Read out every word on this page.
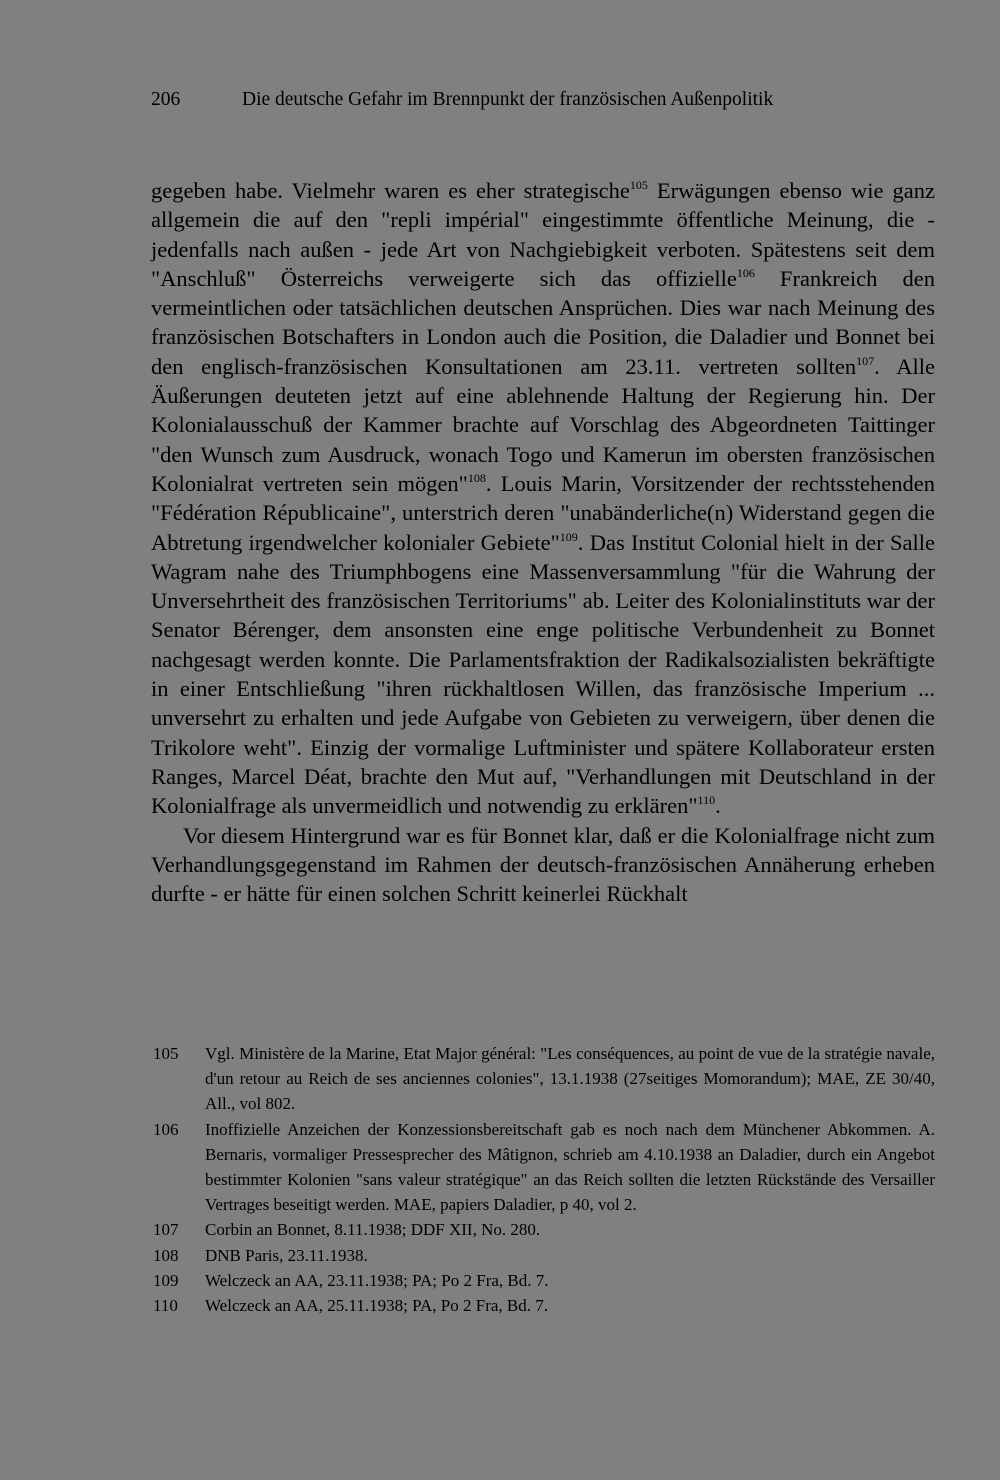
206	Die deutsche Gefahr im Brennpunkt der französischen Außenpolitik

gegeben habe. Vielmehr waren es eher strategische$^{105}$ Erwägungen ebenso wie ganz allgemein die auf den "repli impérial" eingestimmte öffentliche Meinung, die - jedenfalls nach außen - jede Art von Nachgiebigkeit verboten. Spätestens seit dem "Anschluß" Österreichs verweigerte sich das offizielle$^{106}$ Frankreich den vermeintlichen oder tatsächlichen deutschen Ansprüchen. Dies war nach Meinung des französischen Botschafters in London auch die Position, die Daladier und Bonnet bei den englisch-französischen Konsultationen am 23.11. vertreten sollten$^{107}$. Alle Äußerungen deuteten jetzt auf eine ablehnende Haltung der Regierung hin. Der Kolonialausschuß der Kammer brachte auf Vorschlag des Abgeordneten Taittinger "den Wunsch zum Ausdruck, wonach Togo und Kamerun im obersten französischen Kolonialrat vertreten sein mögen"$^{108}$. Louis Marin, Vorsitzender der rechtsstehenden "Fédération Républicaine", unterstrich deren "unabänderliche(n) Widerstand gegen die Abtretung irgendwelcher kolonialer Gebiete"$^{109}$. Das Institut Colonial hielt in der Salle Wagram nahe des Triumphbogens eine Massenversammlung "für die Wahrung der Unversehrtheit des französischen Territoriums" ab. Leiter des Kolonialinstituts war der Senator Bérenger, dem ansonsten eine enge politische Verbundenheit zu Bonnet nachgesagt werden konnte. Die Parlamentsfraktion der Radikalsozialisten bekräftigte in einer Entschließung "ihren rückhaltlosen Willen, das französische Imperium ... unversehrt zu erhalten und jede Aufgabe von Gebieten zu verweigern, über denen die Trikolore weht". Einzig der vormalige Luftminister und spätere Kollaborateur ersten Ranges, Marcel Déat, brachte den Mut auf, "Verhandlungen mit Deutschland in der Kolonialfrage als unvermeidlich und notwendig zu erklären"$^{110}$.

Vor diesem Hintergrund war es für Bonnet klar, daß er die Kolonialfrage nicht zum Verhandlungsgegenstand im Rahmen der deutsch-französischen Annäherung erheben durfte - er hätte für einen solchen Schritt keinerlei Rückhalt

105	Vgl. Ministère de la Marine, Etat Major général: "Les conséquences, au point de vue de la stratégie navale, d'un retour au Reich de ses anciennes colonies", 13.1.1938 (27seitiges Momorandum); MAE, ZE 30/40, All., vol 802.
106	Inoffizielle Anzeichen der Konzessionsbereitschaft gab es noch nach dem Münchener Abkommen. A. Bernaris, vormaliger Pressesprecher des Mâtignon, schrieb am 4.10.1938 an Daladier, durch ein Angebot bestimmter Kolonien "sans valeur stratégique" an das Reich sollten die letzten Rückstände des Versailler Vertrages beseitigt werden. MAE, papiers Daladier, p 40, vol 2.
107	Corbin an Bonnet, 8.11.1938; DDF XII, No. 280.
108	DNB Paris, 23.11.1938.
109	Welczeck an AA, 23.11.1938; PA; Po 2 Fra, Bd. 7.
110	Welczeck an AA, 25.11.1938; PA, Po 2 Fra, Bd. 7.
